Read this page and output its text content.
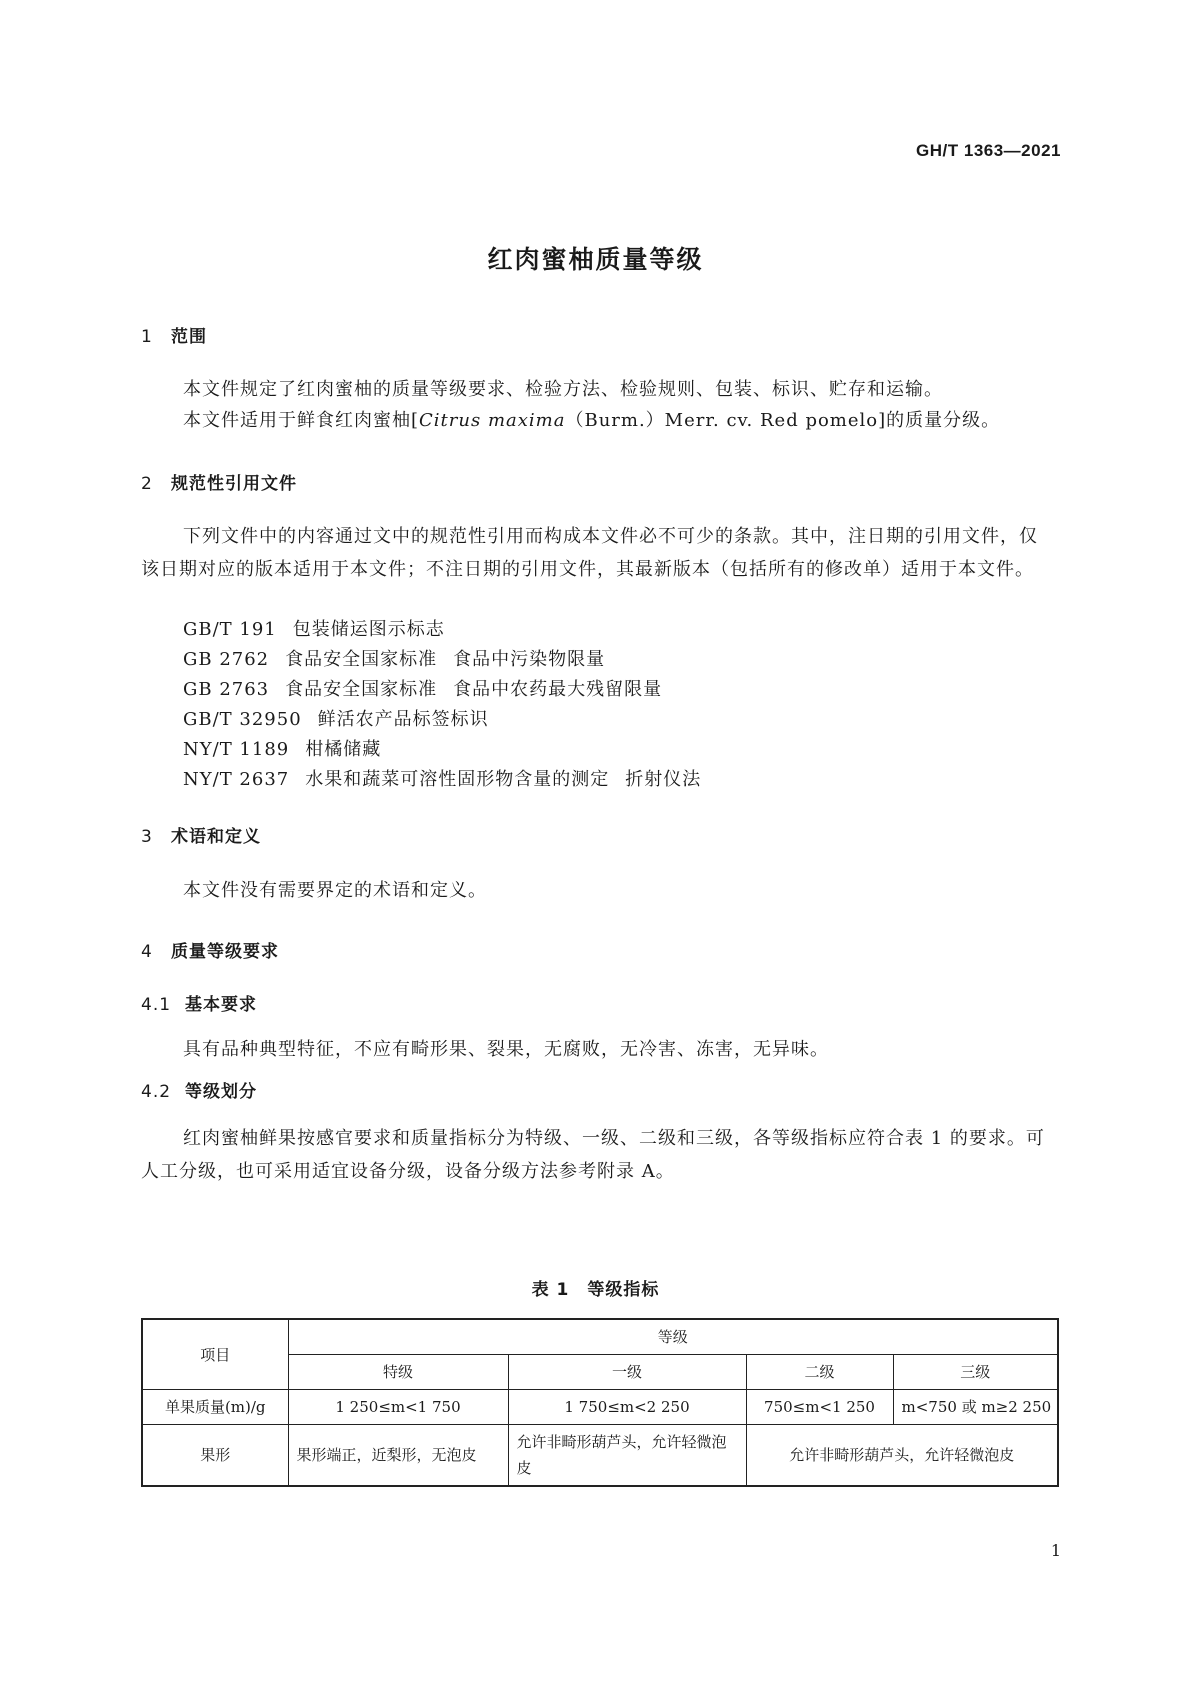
GH/T 1363—2021
红肉蜜柚质量等级
1 范围
本文件规定了红肉蜜柚的质量等级要求、检验方法、检验规则、包装、标识、贮存和运输。
本文件适用于鲜食红肉蜜柚[Citrus maxima（Burm.）Merr. cv. Red pomelo]的质量分级。
2 规范性引用文件
下列文件中的内容通过文中的规范性引用而构成本文件必不可少的条款。其中，注日期的引用文件，仅该日期对应的版本适用于本文件；不注日期的引用文件，其最新版本（包括所有的修改单）适用于本文件。
GB/T 191 包装储运图示标志
GB 2762 食品安全国家标准 食品中污染物限量
GB 2763 食品安全国家标准 食品中农药最大残留限量
GB/T 32950 鲜活农产品标签标识
NY/T 1189 柑橘储藏
NY/T 2637 水果和蔬菜可溶性固形物含量的测定 折射仪法
3 术语和定义
本文件没有需要界定的术语和定义。
4 质量等级要求
4.1 基本要求
具有品种典型特征，不应有畸形果、裂果，无腐败，无冷害、冻害，无异味。
4.2 等级划分
红肉蜜柚鲜果按感官要求和质量指标分为特级、一级、二级和三级，各等级指标应符合表 1 的要求。可人工分级，也可采用适宜设备分级，设备分级方法参考附录 A。
表 1　等级指标
项目	等级			
	特级	一级	二级	三级
单果质量(m)/g	1 250≤m<1 750	1 750≤m<2 250	750≤m<1 250	m<750 或 m≥2 250
果形	果形端正，近梨形，无泡皮	允许非畸形葫芦头，允许轻微泡皮	允许非畸形葫芦头，允许轻微泡皮	
1
